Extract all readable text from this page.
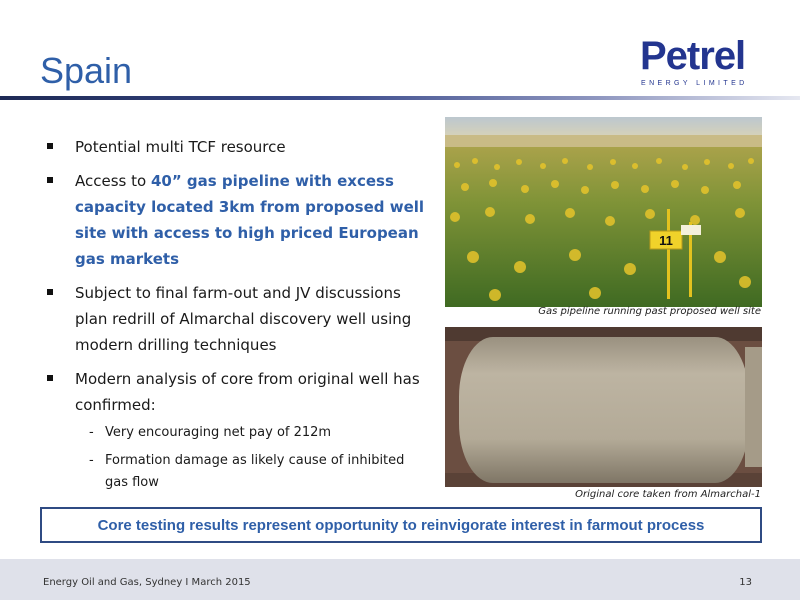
Spain	Petrel
ENERGY LIMITED
Potential multi TCF resource
Access to 40” gas pipeline with excess capacity located 3km from proposed well site with access to high priced European gas markets
Subject to final farm-out and JV discussions plan redrill of Almarchal discovery well using modern drilling techniques
Modern analysis of core from original well has confirmed:
- Very encouraging net pay of 212m
- Formation damage as likely cause of inhibited gas flow
11
Gas pipeline running past proposed well site
Original core taken from Almarchal-1
Core testing results represent opportunity to reinvigorate interest in farmout process
Energy Oil and Gas, Sydney I March 2015	13
